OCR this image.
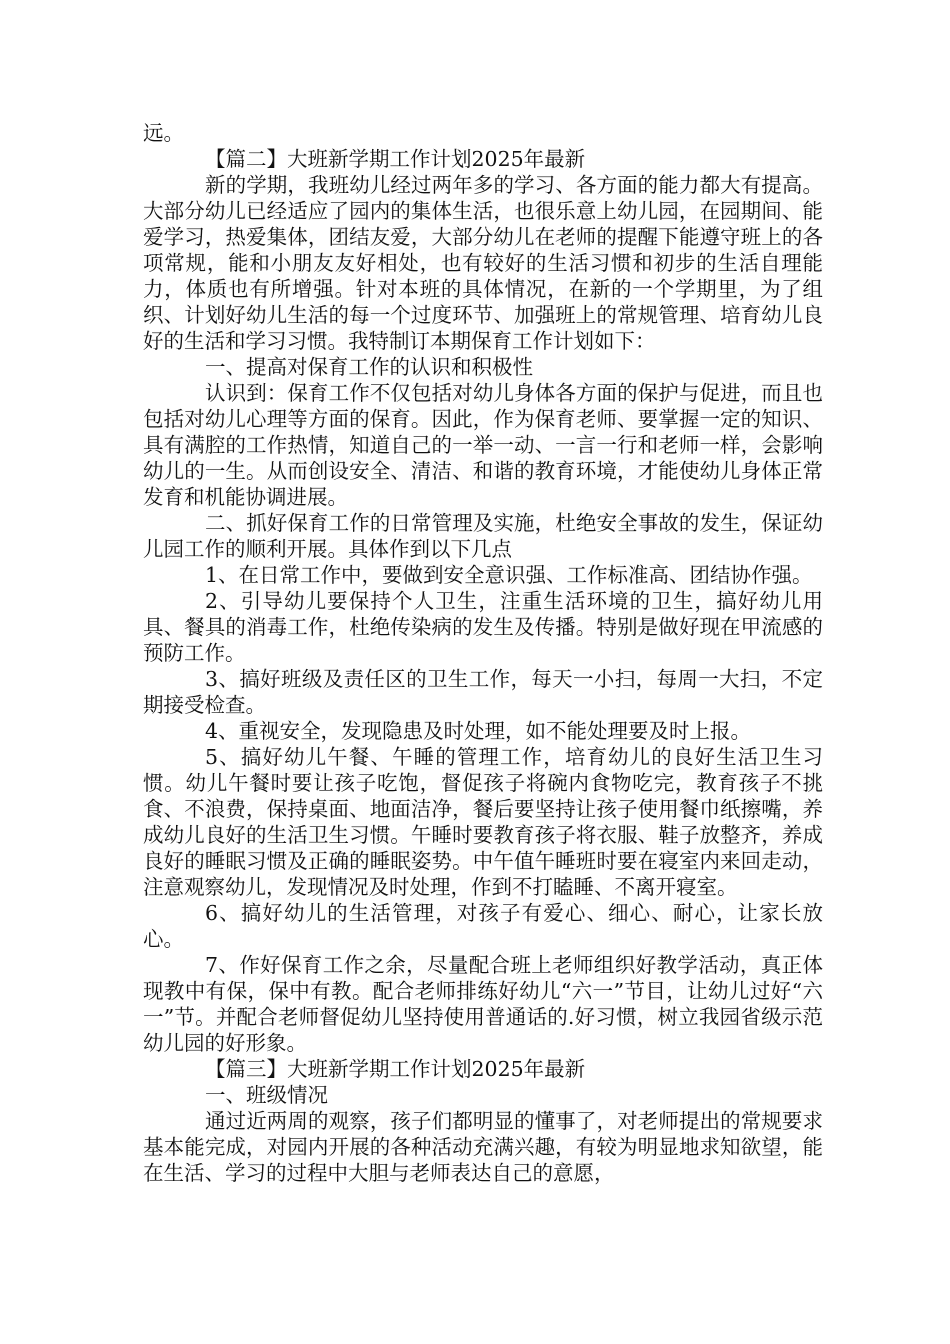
远。

【篇二】大班新学期工作计划2025年最新

新的学期，我班幼儿经过两年多的学习、各方面的能力都大有提高。大部分幼儿已经适应了园内的集体生活，也很乐意上幼儿园，在园期间、能爱学习，热爱集体，团结友爱，大部分幼儿在老师的提醒下能遵守班上的各项常规，能和小朋友友好相处，也有较好的生活习惯和初步的生活自理能力，体质也有所增强。针对本班的具体情况，在新的一个学期里，为了组织、计划好幼儿生活的每一个过度环节、加强班上的常规管理、培育幼儿良好的生活和学习习惯。我特制订本期保育工作计划如下：

一、提高对保育工作的认识和积极性

认识到：保育工作不仅包括对幼儿身体各方面的保护与促进，而且也包括对幼儿心理等方面的保育。因此，作为保育老师、要掌握一定的知识、具有满腔的工作热情，知道自己的一举一动、一言一行和老师一样，会影响幼儿的一生。从而创设安全、清洁、和谐的教育环境，才能使幼儿身体正常发育和机能协调进展。

二、抓好保育工作的日常管理及实施，杜绝安全事故的发生，保证幼儿园工作的顺利开展。具体作到以下几点

1、在日常工作中，要做到安全意识强、工作标准高、团结协作强。

2、引导幼儿要保持个人卫生，注重生活环境的卫生，搞好幼儿用具、餐具的消毒工作，杜绝传染病的发生及传播。特别是做好现在甲流感的预防工作。

3、搞好班级及责任区的卫生工作，每天一小扫，每周一大扫，不定期接受检查。

4、重视安全，发现隐患及时处理，如不能处理要及时上报。

5、搞好幼儿午餐、午睡的管理工作，培育幼儿的良好生活卫生习惯。幼儿午餐时要让孩子吃饱，督促孩子将碗内食物吃完，教育孩子不挑食、不浪费，保持桌面、地面洁净，餐后要坚持让孩子使用餐巾纸擦嘴，养成幼儿良好的生活卫生习惯。午睡时要教育孩子将衣服、鞋子放整齐，养成良好的睡眠习惯及正确的睡眠姿势。中午值午睡班时要在寝室内来回走动，注意观察幼儿，发现情况及时处理，作到不打瞌睡、不离开寝室。

6、搞好幼儿的生活管理，对孩子有爱心、细心、耐心，让家长放心。

7、作好保育工作之余，尽量配合班上老师组织好教学活动，真正体现教中有保，保中有教。配合老师排练好幼儿“六一”节目，让幼儿过好“六一”节。并配合老师督促幼儿坚持使用普通话的.好习惯，树立我园省级示范幼儿园的好形象。

【篇三】大班新学期工作计划2025年最新

一、班级情况

通过近两周的观察，孩子们都明显的懂事了，对老师提出的常规要求基本能完成，对园内开展的各种活动充满兴趣，有较为明显地求知欲望，能在生活、学习的过程中大胆与老师表达自己的意愿，
